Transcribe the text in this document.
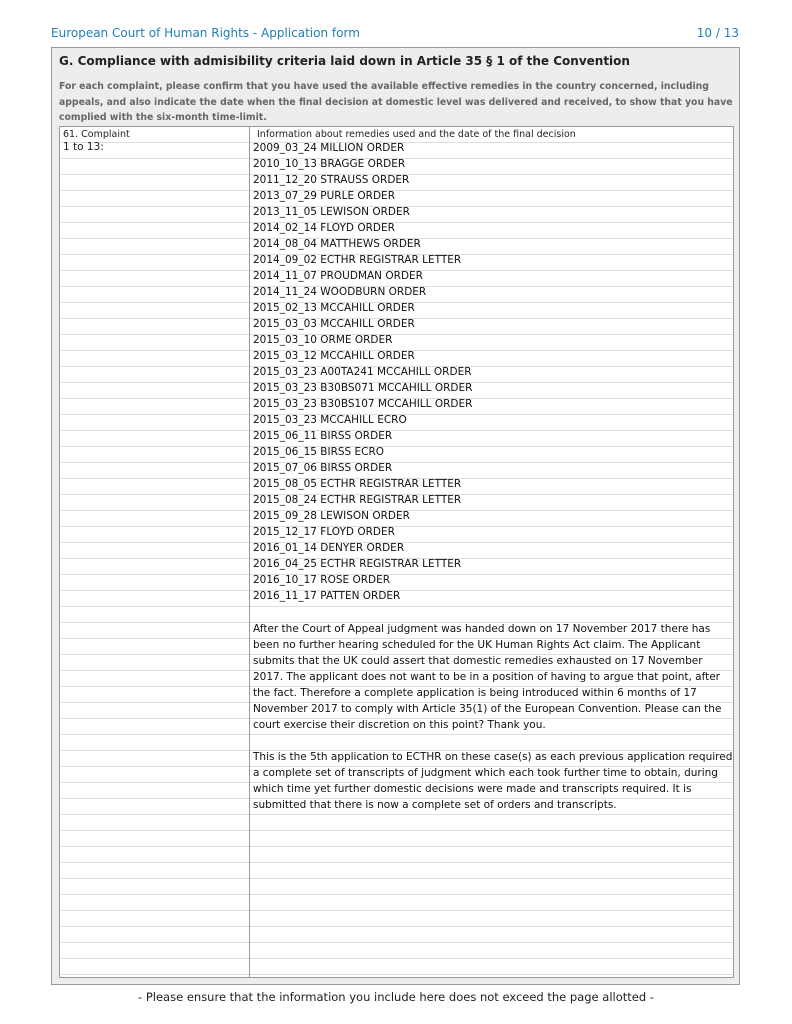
European Court of Human Rights - Application form	10 / 13
G. Compliance with admisibility criteria laid down in Article 35 § 1 of the Convention
For each complaint, please confirm that you have used the available effective remedies in the country concerned, including appeals, and also indicate the date when the final decision at domestic level was delivered and received, to show that you have complied with the six-month time-limit.
61. Complaint
1 to 13:
Information about remedies used and the date of the final decision
2009_03_24 MILLION ORDER
2010_10_13 BRAGGE ORDER
2011_12_20 STRAUSS ORDER
2013_07_29 PURLE ORDER
2013_11_05 LEWISON ORDER
2014_02_14 FLOYD ORDER
2014_08_04 MATTHEWS ORDER
2014_09_02 ECTHR REGISTRAR LETTER
2014_11_07 PROUDMAN ORDER
2014_11_24 WOODBURN ORDER
2015_02_13 MCCAHILL ORDER
2015_03_03 MCCAHILL ORDER
2015_03_10 ORME ORDER
2015_03_12 MCCAHILL ORDER
2015_03_23 A00TA241 MCCAHILL ORDER
2015_03_23 B30BS071 MCCAHILL ORDER
2015_03_23 B30BS107 MCCAHILL ORDER
2015_03_23 MCCAHILL ECRO
2015_06_11 BIRSS ORDER
2015_06_15 BIRSS ECRO
2015_07_06 BIRSS ORDER
2015_08_05 ECTHR REGISTRAR LETTER
2015_08_24 ECTHR REGISTRAR LETTER
2015_09_28 LEWISON ORDER
2015_12_17 FLOYD ORDER
2016_01_14 DENYER ORDER
2016_04_25 ECTHR REGISTRAR LETTER
2016_10_17 ROSE ORDER
2016_11_17 PATTEN ORDER
After the Court of Appeal judgment was handed down on 17 November 2017 there has been no further hearing scheduled for the UK Human Rights Act claim. The Applicant submits that the UK could assert that domestic remedies exhausted on 17 November 2017. The applicant does not want to be in a position of having to argue that point, after the fact. Therefore a complete application is being introduced within 6 months of 17 November 2017 to comply with Article 35(1) of the European Convention. Please can the court exercise their discretion on this point? Thank you.
This is the 5th application to ECTHR on these case(s) as each previous application required a complete set of transcripts of judgment which each took further time to obtain, during which time yet further domestic decisions were made and transcripts required. It is submitted that there is now a complete set of orders and transcripts.
- Please ensure that the information you include here does not exceed the page allotted -
